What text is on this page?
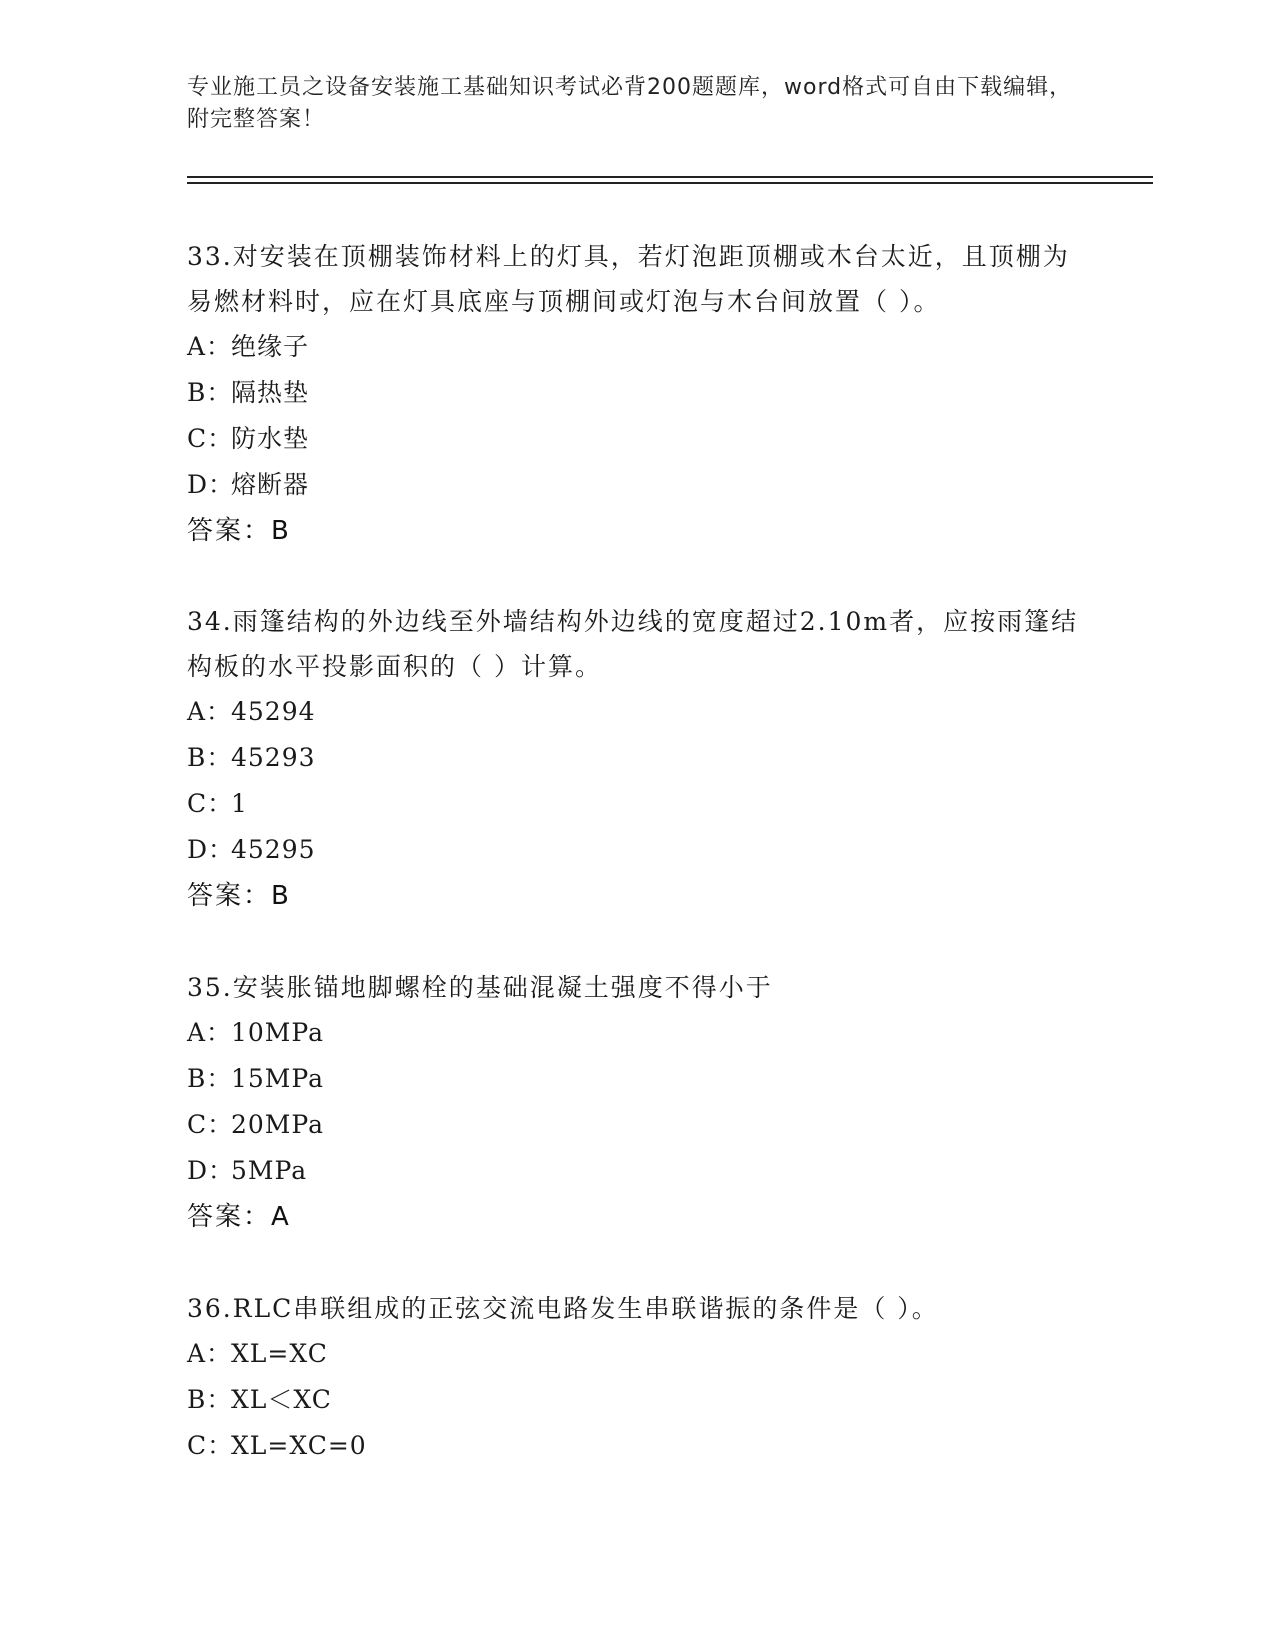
专业施工员之设备安装施工基础知识考试必背200题题库，word格式可自由下载编辑，附完整答案！

33.对安装在顶棚装饰材料上的灯具，若灯泡距顶棚或木台太近，且顶棚为易燃材料时，应在灯具底座与顶棚间或灯泡与木台间放置（ ）。

A：绝缘子

B：隔热垫

C：防水垫

D：熔断器

答案：B

34.雨篷结构的外边线至外墙结构外边线的宽度超过2.10m者，应按雨篷结构板的水平投影面积的（ ）计算。

A：45294

B：45293

C：1

D：45295

答案：B

35.安装胀锚地脚螺栓的基础混凝土强度不得小于

A：10MPa

B：15MPa

C：20MPa

D：5MPa

答案：A

36.RLC串联组成的正弦交流电路发生串联谐振的条件是（ ）。

A：XL=XC

B：XL＜XC

C：XL=XC=0
